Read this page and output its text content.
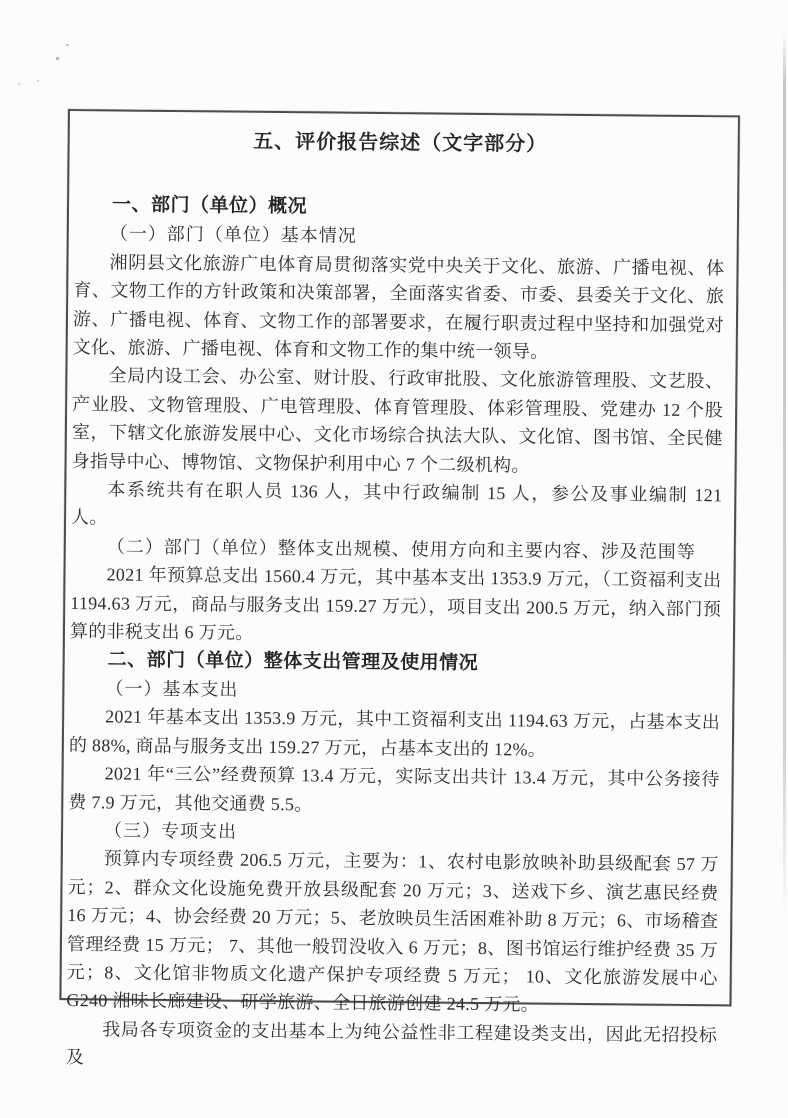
五、评价报告综述（文字部分）

一、部门（单位）概况

（一）部门（单位）基本情况

湘阴县文化旅游广电体育局贯彻落实党中央关于文化、旅游、广播电视、体育、文物工作的方针政策和决策部署，全面落实省委、市委、县委关于文化、旅游、广播电视、体育、文物工作的部署要求，在履行职责过程中坚持和加强党对文化、旅游、广播电视、体育和文物工作的集中统一领导。

全局内设工会、办公室、财计股、行政审批股、文化旅游管理股、文艺股、产业股、文物管理股、广电管理股、体育管理股、体彩管理股、党建办 12 个股室，下辖文化旅游发展中心、文化市场综合执法大队、文化馆、图书馆、全民健身指导中心、博物馆、文物保护利用中心 7 个二级机构。

本系统共有在职人员 136 人，其中行政编制 15 人，参公及事业编制 121 人。

（二）部门（单位）整体支出规模、使用方向和主要内容、涉及范围等

2021 年预算总支出 1560.4 万元，其中基本支出 1353.9 万元，（工资福利支出 1194.63 万元，商品与服务支出 159.27 万元），项目支出 200.5 万元，纳入部门预算的非税支出 6 万元。

二、部门（单位）整体支出管理及使用情况

（一）基本支出

2021 年基本支出 1353.9 万元，其中工资福利支出 1194.63 万元，占基本支出的 88%, 商品与服务支出 159.27 万元，占基本支出的 12%。

2021 年“三公”经费预算 13.4 万元，实际支出共计 13.4 万元，其中公务接待费 7.9 万元，其他交通费 5.5。

（三）专项支出

预算内专项经费 206.5 万元，主要为：1、农村电影放映补助县级配套 57 万元；2、群众文化设施免费开放县级配套 20 万元；3、送戏下乡、演艺惠民经费 16 万元；4、协会经费 20 万元；5、老放映员生活困难补助 8 万元；6、市场稽查管理经费 15 万元； 7、其他一般罚没收入 6 万元；8、图书馆运行维护经费 35 万元；8、文化馆非物质文化遗产保护专项经费 5 万元； 10、文化旅游发展中心 G240 湘味长廊建设、研学旅游、全日旅游创建 24.5 万元。

我局各专项资金的支出基本上为纯公益性非工程建设类支出，因此无招投标及
